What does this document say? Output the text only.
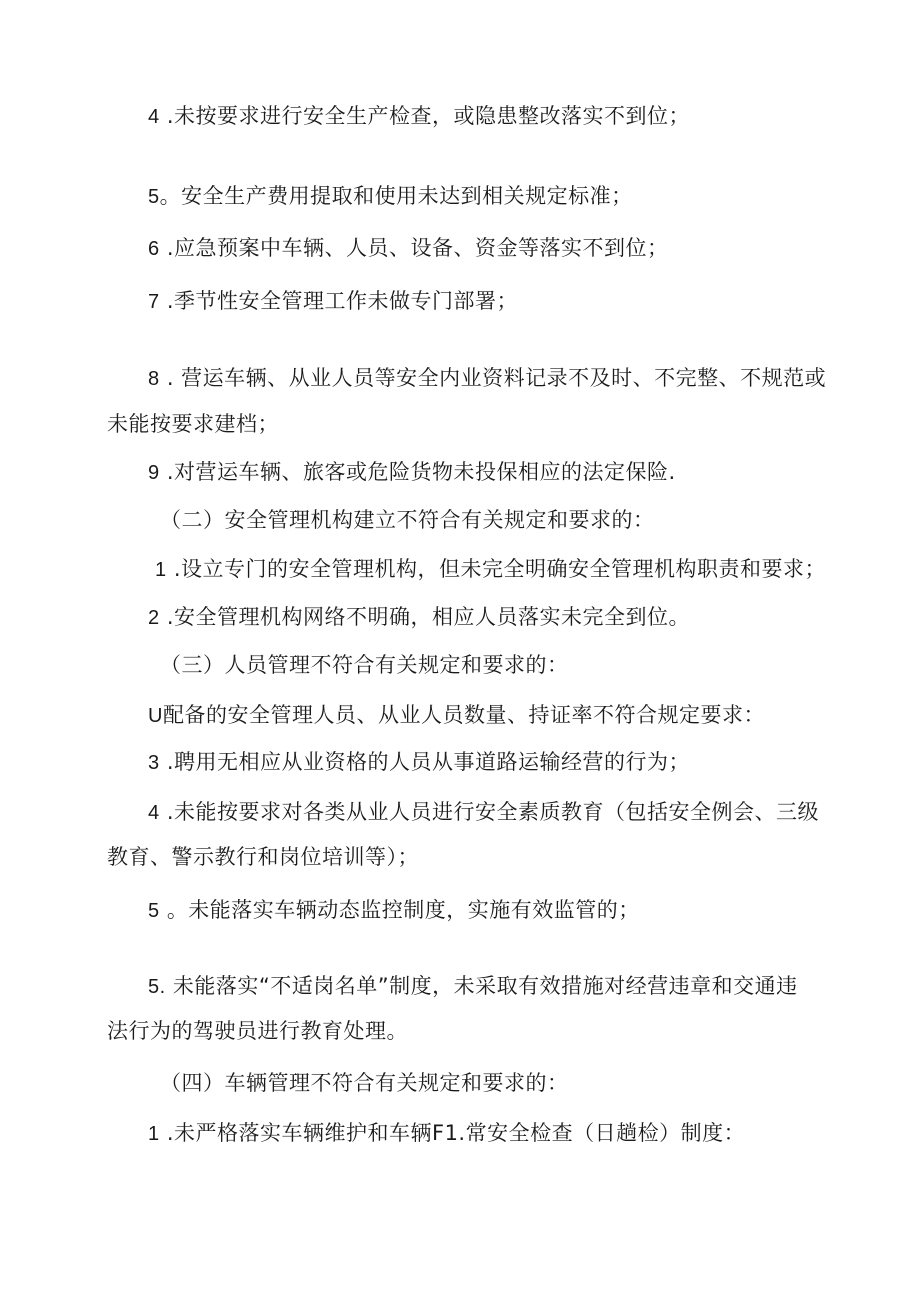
4 .未按要求进行安全生产检查，或隐患整改落实不到位；
5。安全生产费用提取和使用未达到相关规定标准；
6 .应急预案中车辆、人员、设备、资金等落实不到位；
7 .季节性安全管理工作未做专门部署；
8 . 营运车辆、从业人员等安全内业资料记录不及时、不完整、不规范或
未能按要求建档；
9 .对营运车辆、旅客或危险货物未投保相应的法定保险.
（二）安全管理机构建立不符合有关规定和要求的：
1 .设立专门的安全管理机构，但未完全明确安全管理机构职责和要求；
2 .安全管理机构网络不明确，相应人员落实未完全到位。
（三）人员管理不符合有关规定和要求的：
U配备的安全管理人员、从业人员数量、持证率不符合规定要求：
3 .聘用无相应从业资格的人员从事道路运输经营的行为；
4 .未能按要求对各类从业人员进行安全素质教育（包括安全例会、三级
教育、警示教行和岗位培训等）；
5 。未能落实车辆动态监控制度，实施有效监管的；
5. 未能落实“不适岗名单”制度，未采取有效措施对经营违章和交通违
法行为的驾驶员进行教育处理。
（四）车辆管理不符合有关规定和要求的：
1 .未严格落实车辆维护和车辆F1.常安全检查（日趟检）制度：
